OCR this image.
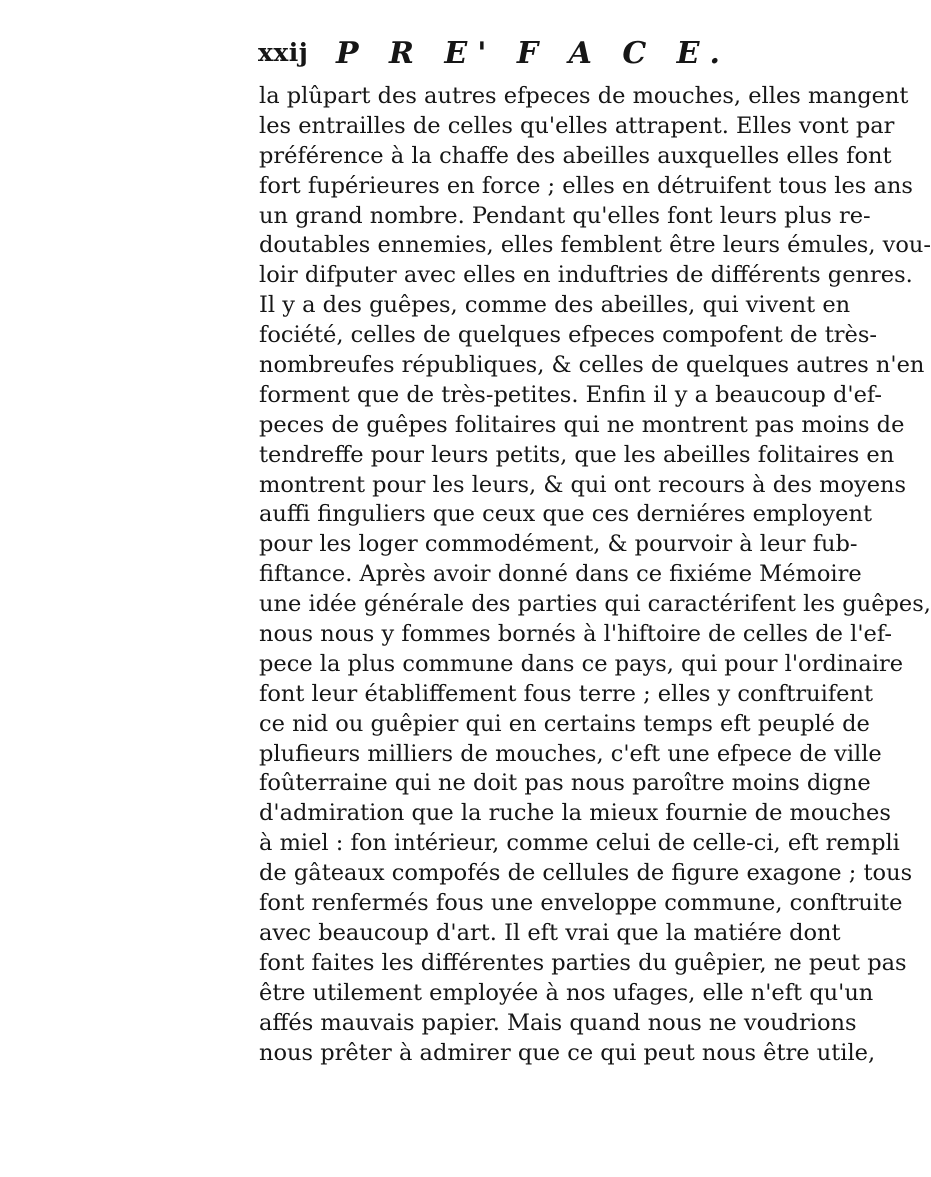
xxij P R E' F A C E.
la plûpart des autres efpeces de mouches, elles mangent
les entrailles de celles qu'elles attrapent. Elles vont par
préférence à la chaffe des abeilles auxquelles elles font
fort fupérieures en force ; elles en détruifent tous les ans
un grand nombre. Pendant qu'elles font leurs plus re-
doutables ennemies, elles femblent être leurs émules, vou-
loir difputer avec elles en induftries de différents genres.
Il y a des guêpes, comme des abeilles, qui vivent en
fociété, celles de quelques efpeces compofent de très-
nombreufes républiques, & celles de quelques autres n'en
forment que de très-petites. Enfin il y a beaucoup d'ef-
peces de guêpes folitaires qui ne montrent pas moins de
tendreffe pour leurs petits, que les abeilles folitaires en
montrent pour les leurs, & qui ont recours à des moyens
auffi finguliers que ceux que ces derniéres employent
pour les loger commodément, & pourvoir à leur fub-
fiftance. Après avoir donné dans ce fixiéme Mémoire
une idée générale des parties qui caractérifent les guêpes,
nous nous y fommes bornés à l'hiftoire de celles de l'ef-
pece la plus commune dans ce pays, qui pour l'ordinaire
font leur établiffement fous terre ; elles y conftruifent
ce nid ou guêpier qui en certains temps eft peuplé de
plufieurs milliers de mouches, c'eft une efpece de ville
foûterraine qui ne doit pas nous paroître moins digne
d'admiration que la ruche la mieux fournie de mouches
à miel : fon intérieur, comme celui de celle-ci, eft rempli
de gâteaux compofés de cellules de figure exagone ; tous
font renfermés fous une enveloppe commune, conftruite
avec beaucoup d'art. Il eft vrai que la matiére dont
font faites les différentes parties du guêpier, ne peut pas
être utilement employée à nos ufages, elle n'eft qu'un
affés mauvais papier. Mais quand nous ne voudrions
nous prêter à admirer que ce qui peut nous être utile,
